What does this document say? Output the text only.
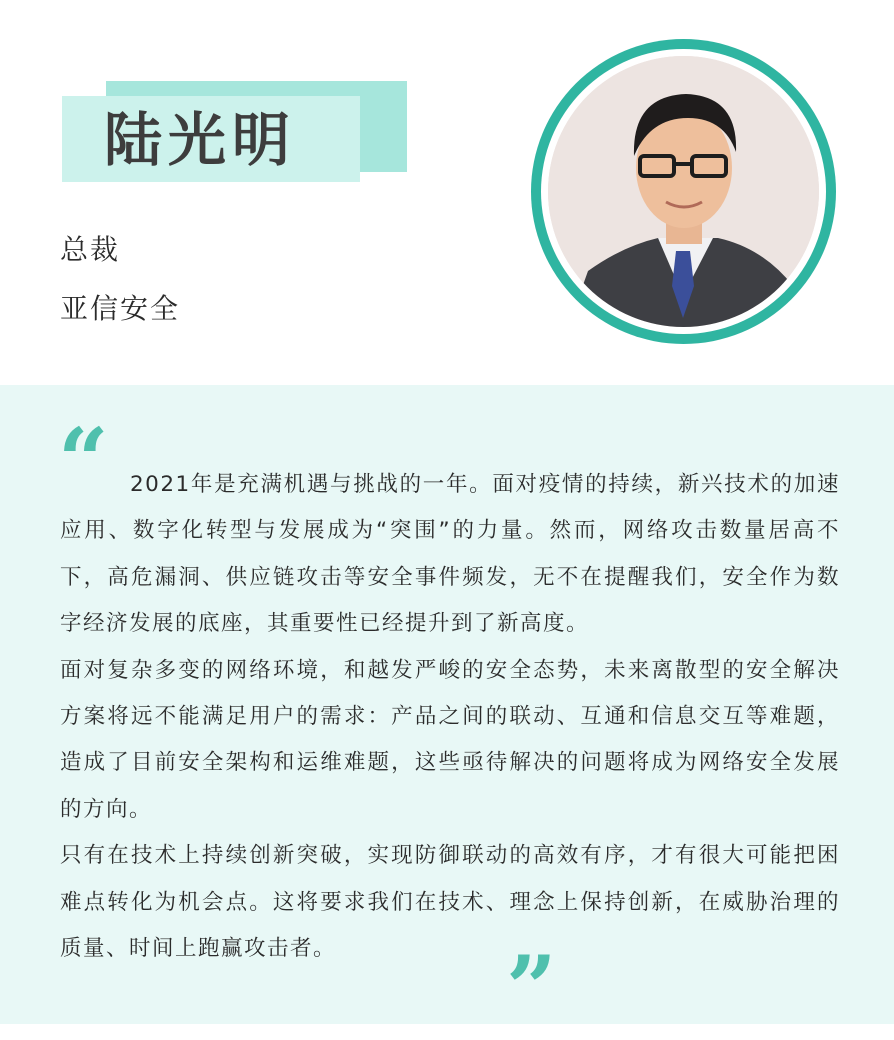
陆光明
总裁
亚信安全
“	2021年是充满机遇与挑战的一年。面对疫情的持续，新兴技术的加速应用、数字化转型与发展成为“突围”的力量。然而，网络攻击数量居高不下，高危漏洞、供应链攻击等安全事件频发，无不在提醒我们，安全作为数字经济发展的底座，其重要性已经提升到了新高度。

面对复杂多变的网络环境，和越发严峻的安全态势，未来离散型的安全解决方案将远不能满足用户的需求：产品之间的联动、互通和信息交互等难题，造成了目前安全架构和运维难题，这些亟待解决的问题将成为网络安全发展的方向。

只有在技术上持续创新突破，实现防御联动的高效有序，才有很大可能把困难点转化为机会点。这将要求我们在技术、理念上保持创新，在威胁治理的质量、时间上跑赢攻击者。	”
